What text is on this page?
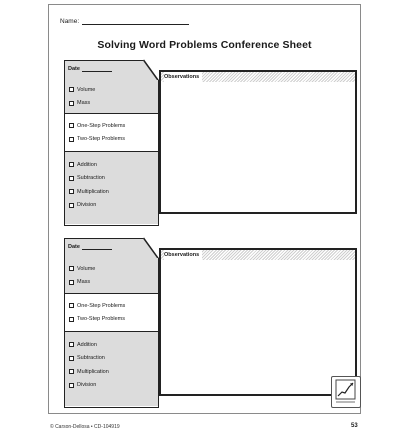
Name:
Solving Word Problems Conference Sheet
Date
Volume
Mass
One-Step Problems
Two-Step Problems
Addition
Subtraction
Multiplication
Division
Observations
Date
Volume
Mass
One-Step Problems
Two-Step Problems
Addition
Subtraction
Multiplication
Division
Observations
© Carson-Dellosa • CD-104919	53
